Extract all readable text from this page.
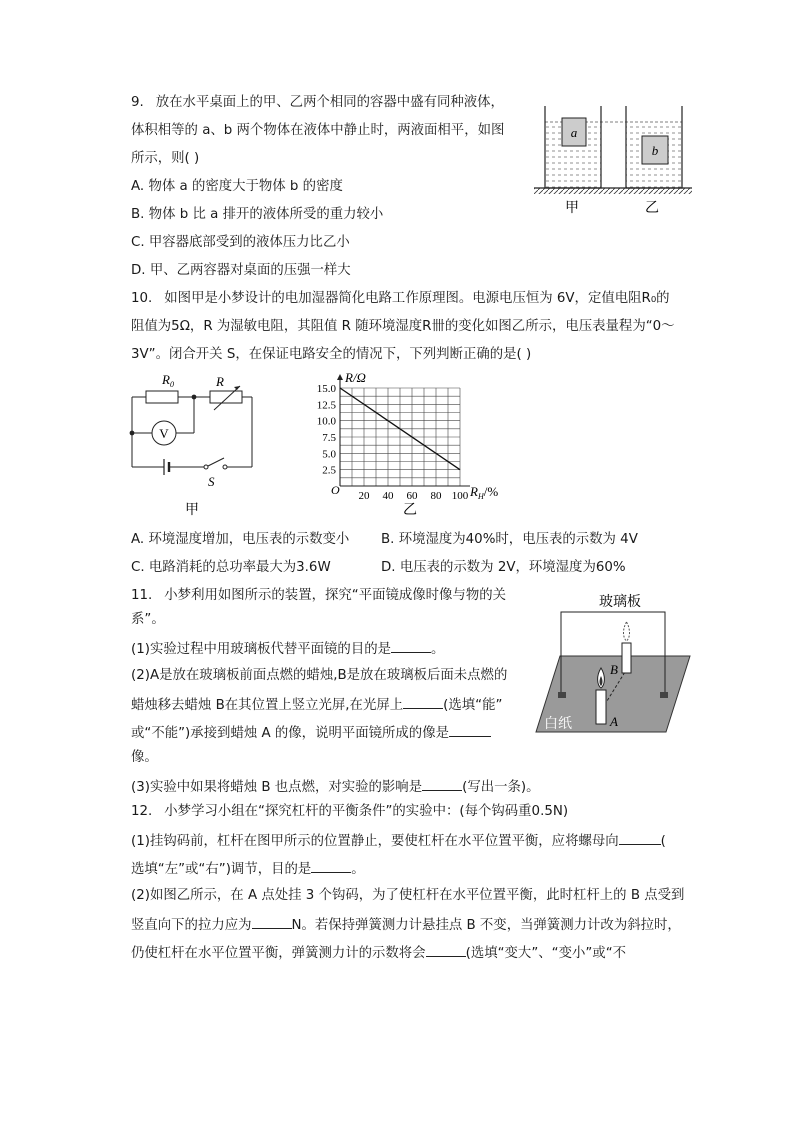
9. 放在水平桌面上的甲、乙两个相同的容器中盛有同种液体，
体积相等的 a、b 两个物体在液体中静止时，两液面相平，如图
所示，则( )
A. 物体 a 的密度大于物体 b 的密度
B. 物体 b 比 a 排开的液体所受的重力较小
C. 甲容器底部受到的液体压力比乙小
D. 甲、乙两容器对桌面的压强一样大
a
b
甲	乙
10. 如图甲是小梦设计的电加湿器简化电路工作原理图。电源电压恒为 6V，定值电阻R₀的
阻值为5Ω，R 为湿敏电阻，其阻值 R 随环境湿度R卌的变化如图乙所示，电压表量程为“0～
3V”。闭合开关 S，在保证电路安全的情况下，下列判断正确的是( )
$R_0$	R
V
S
甲
20 40 60 80 100
2.5
5.0
7.5
10.0
12.5
15.0
R/Ω
O	$R_H/\%$
乙
A. 环境湿度增加，电压表的示数变小 B. 环境湿度为40%时，电压表的示数为 4V
C. 电路消耗的总功率最大为3.6W	D. 电压表的示数为 2V，环境湿度为60%
11. 小梦利用如图所示的装置，探究“平面镜成像时像与物的关
系”。
(1)实验过程中用玻璃板代替平面镜的目的是	。
(2)A是放在玻璃板前面点燃的蜡烛,B是放在玻璃板后面未点燃的
蜡烛移去蜡烛 B在其位置上竖立光屏,在光屏上	(选填“能”
或“不能”)承接到蜡烛 A 的像，说明平面镜所成的像是
像。
(3)实验中如果将蜡烛 B 也点燃，对实验的影响是	(写出一条)。
玻璃板
B
A
白纸
12. 小梦学习小组在“探究杠杆的平衡条件”的实验中：(每个钩码重0.5N)
(1)挂钩码前，杠杆在图甲所示的位置静止，要使杠杆在水平位置平衡，应将螺母向	(
选填“左”或“右”)调节，目的是	。
(2)如图乙所示，在 A 点处挂 3 个钩码，为了使杠杆在水平位置平衡，此时杠杆上的 B 点受到
竖直向下的拉力应为	N。若保持弹簧测力计悬挂点 B 不变，当弹簧测力计改为斜拉时，
仍使杠杆在水平位置平衡，弹簧测力计的示数将会	(选填“变大”、“变小”或“不
